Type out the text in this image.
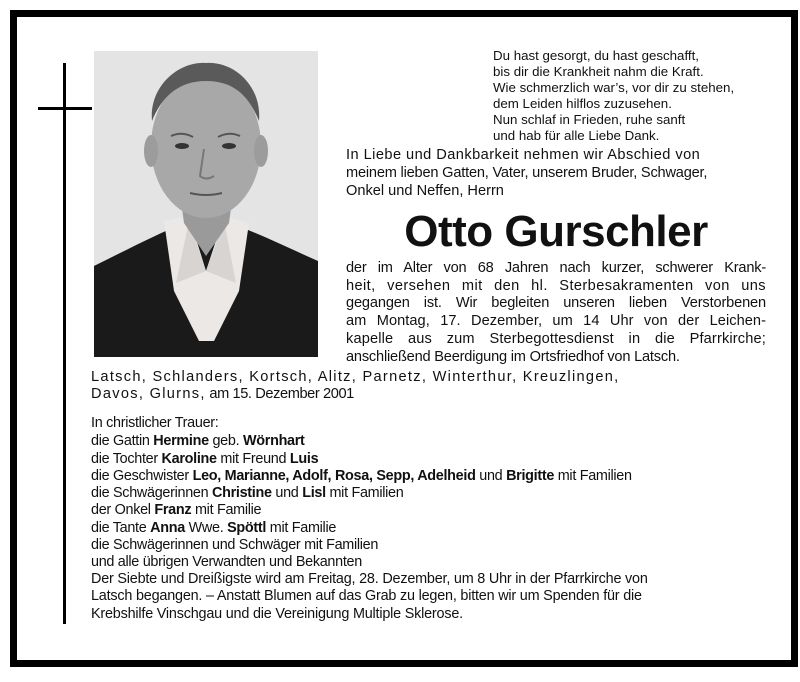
Du hast gesorgt, du hast geschafft,
bis dir die Krankheit nahm die Kraft.
Wie schmerzlich war’s, vor dir zu stehen,
dem Leiden hilflos zuzusehen.
Nun schlaf in Frieden, ruhe sanft
und hab für alle Liebe Dank.
In Liebe und Dankbarkeit nehmen wir Abschied von
meinem lieben Gatten, Vater, unserem Bruder, Schwager,
Onkel und Neffen, Herrn
Otto Gurschler
der im Alter von 68 Jahren nach kurzer, schwerer Krank-
heit, versehen mit den hl. Sterbesakramenten von uns
gegangen ist. Wir begleiten unseren lieben Verstorbenen
am Montag, 17. Dezember, um 14 Uhr von der Leichen-
kapelle aus zum Sterbegottesdienst in die Pfarrkirche;
anschließend Beerdigung im Ortsfriedhof von Latsch.
Latsch, Schlanders, Kortsch, Alitz, Parnetz, Winterthur, Kreuzlingen,
Davos, Glurns, am 15. Dezember 2001
In christlicher Trauer:
die Gattin Hermine geb. Wörnhart
die Tochter Karoline mit Freund Luis
die Geschwister Leo, Marianne, Adolf, Rosa, Sepp, Adelheid und Brigitte mit Familien
die Schwägerinnen Christine und Lisl mit Familien
der Onkel Franz mit Familie
die Tante Anna Wwe. Spöttl mit Familie
die Schwägerinnen und Schwäger mit Familien
und alle übrigen Verwandten und Bekannten
Der Siebte und Dreißigste wird am Freitag, 28. Dezember, um 8 Uhr in der Pfarrkirche von
Latsch begangen. – Anstatt Blumen auf das Grab zu legen, bitten wir um Spenden für die
Krebshilfe Vinschgau und die Vereinigung Multiple Sklerose.
